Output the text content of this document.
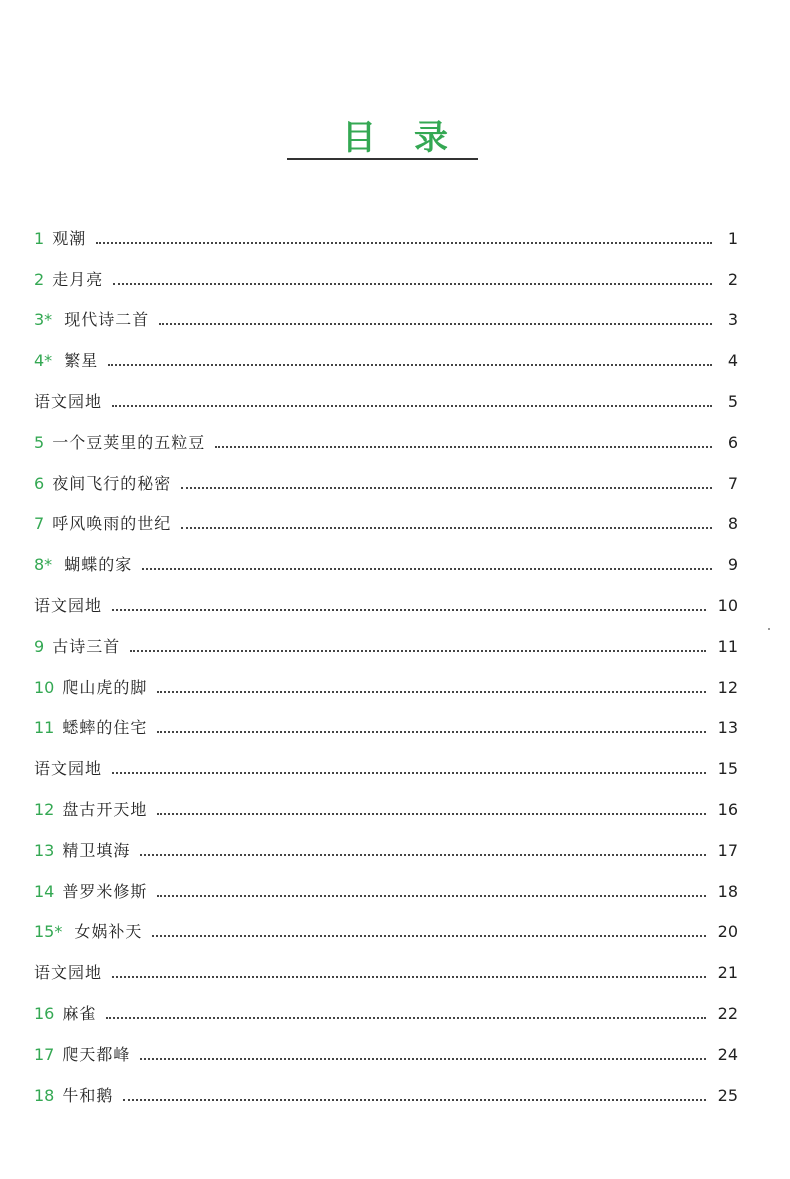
目录
1 观潮	1
2 走月亮	2
3* 现代诗二首	3
4* 繁星	4
语文园地	5
5 一个豆荚里的五粒豆	6
6 夜间飞行的秘密	7
7 呼风唤雨的世纪	8
8* 蝴蝶的家	9
语文园地	10
9 古诗三首	11
10 爬山虎的脚	12
11 蟋蟀的住宅	13
语文园地	15
12 盘古开天地	16
13 精卫填海	17
14 普罗米修斯	18
15* 女娲补天	20
语文园地	21
16 麻雀	22
17 爬天都峰	24
18 牛和鹅	25
